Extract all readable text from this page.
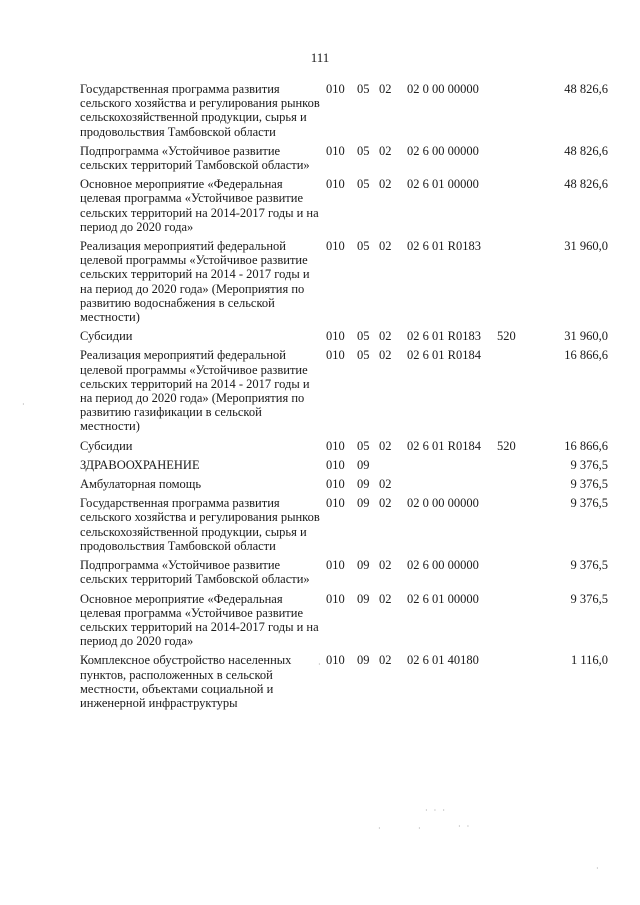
111
Государственная программа развития сельского хозяйства и регулирования рынков сельскохозяйственной продукции, сырья и продовольствия Тамбовской области
010 05 02	02 0 00 00000	48 826,6
Подпрограмма «Устойчивое развитие сельских территорий Тамбовской области»
010 05 02	02 6 00 00000	48 826,6
Основное мероприятие «Федеральная целевая программа «Устойчивое развитие сельских территорий на 2014-2017 годы и на период до 2020 года»
010 05 02	02 6 01 00000	48 826,6
Реализация мероприятий федеральной целевой программы «Устойчивое развитие сельских территорий на 2014 - 2017 годы и на период до 2020 года» (Мероприятия по развитию водоснабжения в сельской местности)
010 05 02	02 6 01 R0183	31 960,0
Субсидии	010 05 02	02 6 01 R0183	520	31 960,0
Реализация мероприятий федеральной целевой программы «Устойчивое развитие сельских территорий на 2014 - 2017 годы и на период до 2020 года» (Мероприятия по развитию газификации в сельской местности)
010 05 02	02 6 01 R0184	16 866,6
Субсидии	010 05 02	02 6 01 R0184	520	16 866,6
ЗДРАВООХРАНЕНИЕ	010 09	9 376,5
Амбулаторная помощь	010 09 02	9 376,5
Государственная программа развития сельского хозяйства и регулирования рынков сельскохозяйственной продукции, сырья и продовольствия Тамбовской области
010 09 02	02 0 00 00000	9 376,5
Подпрограмма «Устойчивое развитие сельских территорий Тамбовской области»
010 09 02	02 6 00 00000	9 376,5
Основное мероприятие «Федеральная целевая программа «Устойчивое развитие сельских территорий на 2014-2017 годы и на период до 2020 года»
010 09 02	02 6 01 00000	9 376,5
Комплексное обустройство населенных пунктов, расположенных в сельской местности, объектами социальной и инженерной инфраструктуры
010 09 02	02 6 01 40180	1 116,0
·
·
· · ·
·	·	· ·
·
